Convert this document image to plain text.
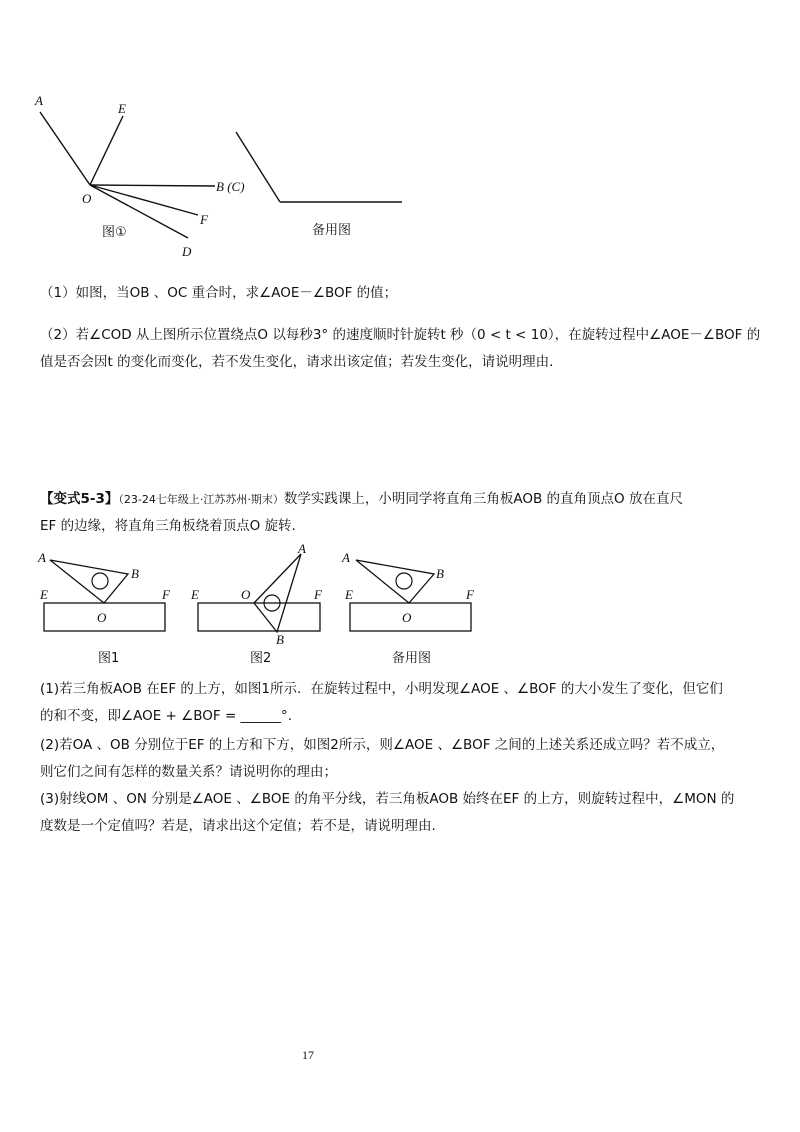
A
E
O
B (C)
F
D
图①	备用图
（1）如图，当OB 、OC 重合时，求∠AOE－∠BOF 的值；
（2）若∠COD 从上图所示位置绕点O 以每秒3° 的速度顺时针旋转t 秒（0 < t < 10），在旋转过程中∠AOE－∠BOF 的
值是否会因t 的变化而变化，若不发生变化，请求出该定值；若发生变化，请说明理由.
【变式5-3】（23-24七年级上·江苏苏州·期末）数学实践课上，小明同学将直角三角板AOB 的直角顶点O 放在直尺
EF 的边缘，将直角三角板绕着顶点O 旋转.
A
B
E	F
O
A
E	O	F
B
A
B
E	F
O
图1	图2	备用图
(1)若三角板AOB 在EF 的上方，如图1所示．在旋转过程中，小明发现∠AOE 、∠BOF 的大小发生了变化，但它们
的和不变，即∠AOE + ∠BOF = ______°.
(2)若OA 、OB 分别位于EF 的上方和下方，如图2所示，则∠AOE 、∠BOF 之间的上述关系还成立吗？若不成立，
则它们之间有怎样的数量关系？请说明你的理由；
(3)射线OM 、ON 分别是∠AOE 、∠BOE 的角平分线，若三角板AOB 始终在EF 的上方，则旋转过程中，∠MON 的
度数是一个定值吗？若是，请求出这个定值；若不是，请说明理由.
17
